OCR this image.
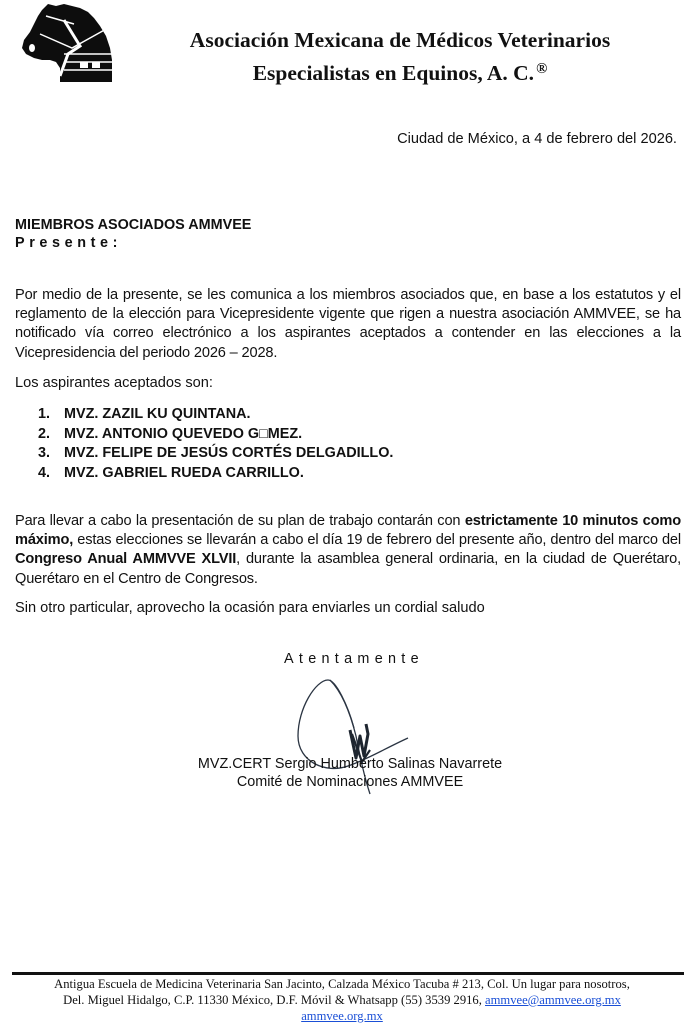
Asociación Mexicana de Médicos Veterinarios
Especialistas en Equinos, A. C. ®
Ciudad de México, a 4 de febrero del 2026.
MIEMBROS ASOCIADOS AMMVEE
Presente:
Por medio de la presente, se les comunica a los miembros asociados que, en base a los estatutos y el reglamento de la elección para Vicepresidente vigente que rigen a nuestra asociación AMMVEE, se ha notificado vía correo electrónico a los aspirantes aceptados a contender en las elecciones a la Vicepresidencia del periodo 2026 – 2028.
Los aspirantes aceptados son:
1. MVZ. ZAZIL KU QUINTANA.
2. MVZ. ANTONIO QUEVEDO G□MEZ.
3. MVZ. FELIPE DE JESÚS CORTÉS DELGADILLO.
4. MVZ. GABRIEL RUEDA CARRILLO.
Para llevar a cabo la presentación de su plan de trabajo contarán con estrictamente 10 minutos como máximo, estas elecciones se llevarán a cabo el día 19 de febrero del presente año, dentro del marco del Congreso Anual AMMVVE XLVII, durante la asamblea general ordinaria, en la ciudad de Querétaro, Querétaro en el Centro de Congresos.
Sin otro particular, aprovecho la ocasión para enviarles un cordial saludo
Atentamente
MVZ.CERT Sergio Humberto Salinas Navarrete
Comité de Nominaciones AMMVEE
Antigua Escuela de Medicina Veterinaria San Jacinto, Calzada México Tacuba # 213, Col. Un lugar para nosotros,
Del. Miguel Hidalgo, C.P. 11330 México, D.F. Móvil & Whatsapp (55) 3539 2916, ammvee@ammvee.org.mx
ammvee.org.mx
